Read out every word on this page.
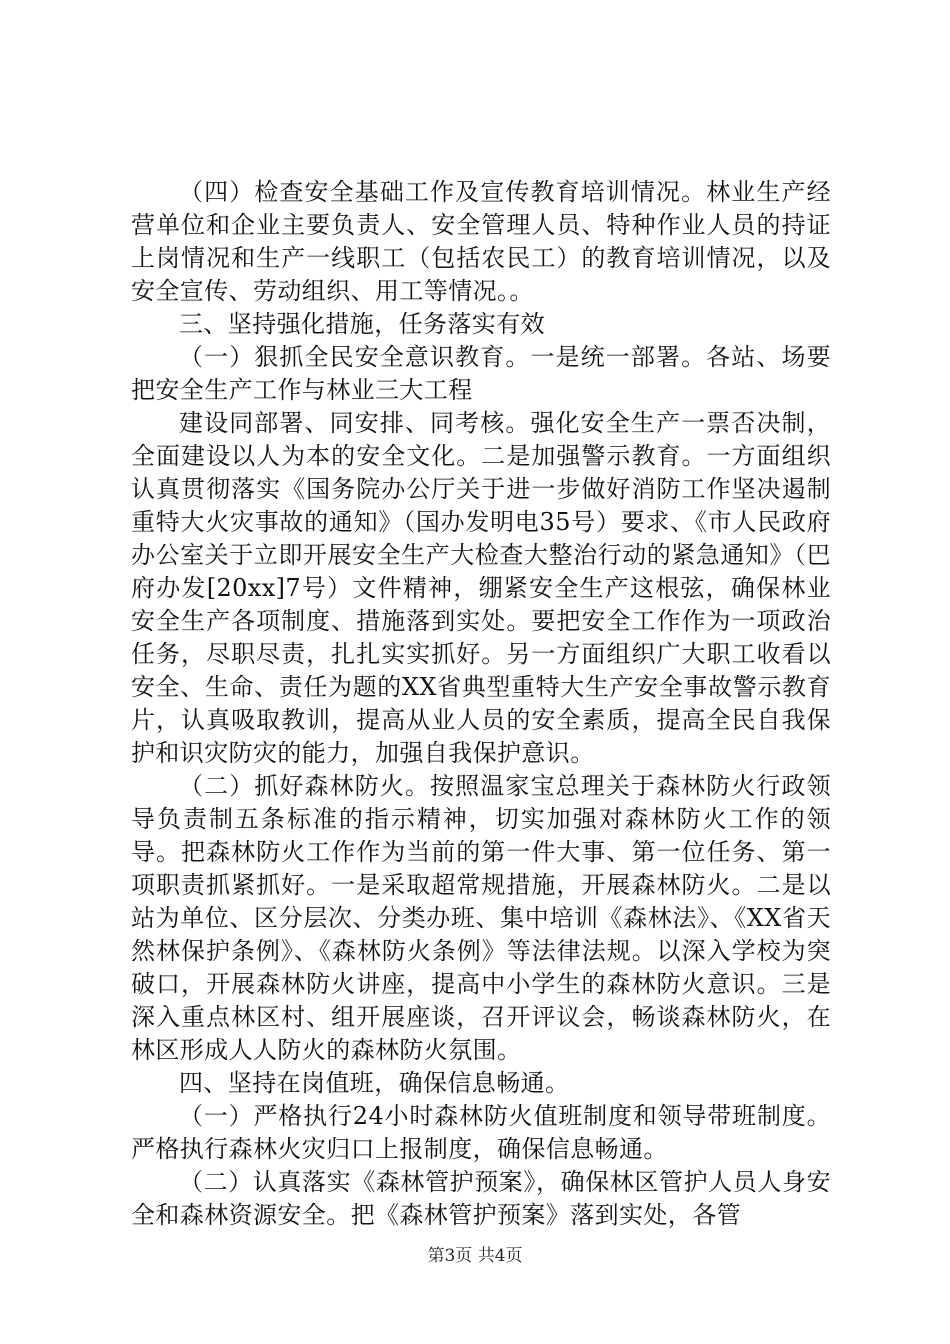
（四）检查安全基础工作及宣传教育培训情况。林业生产经营单位和企业主要负责人、安全管理人员、特种作业人员的持证上岗情况和生产一线职工（包括农民工）的教育培训情况，以及安全宣传、劳动组织、用工等情况。。

三、坚持强化措施，任务落实有效

（一）狠抓全民安全意识教育。一是统一部署。各站、场要把安全生产工作与林业三大工程

建设同部署、同安排、同考核。强化安全生产一票否决制，全面建设以人为本的安全文化。二是加强警示教育。一方面组织认真贯彻落实《国务院办公厅关于进一步做好消防工作坚决遏制重特大火灾事故的通知》（国办发明电35号）要求、《市人民政府办公室关于立即开展安全生产大检查大整治行动的紧急通知》（巴府办发[20xx]7号）文件精神，绷紧安全生产这根弦，确保林业安全生产各项制度、措施落到实处。要把安全工作作为一项政治任务，尽职尽责，扎扎实实抓好。另一方面组织广大职工收看以安全、生命、责任为题的XX省典型重特大生产安全事故警示教育片，认真吸取教训，提高从业人员的安全素质，提高全民自我保护和识灾防灾的能力，加强自我保护意识。

（二）抓好森林防火。按照温家宝总理关于森林防火行政领导负责制五条标准的指示精神，切实加强对森林防火工作的领导。把森林防火工作作为当前的第一件大事、第一位任务、第一项职责抓紧抓好。一是采取超常规措施，开展森林防火。二是以站为单位、区分层次、分类办班、集中培训《森林法》、《XX省天然林保护条例》、《森林防火条例》等法律法规。以深入学校为突破口，开展森林防火讲座，提高中小学生的森林防火意识。三是深入重点林区村、组开展座谈，召开评议会，畅谈森林防火，在林区形成人人防火的森林防火氛围。

四、坚持在岗值班，确保信息畅通。

（一）严格执行24小时森林防火值班制度和领导带班制度。严格执行森林火灾归口上报制度，确保信息畅通。

（二）认真落实《森林管护预案》，确保林区管护人员人身安全和森林资源安全。把《森林管护预案》落到实处，各管

第3页 共4页
